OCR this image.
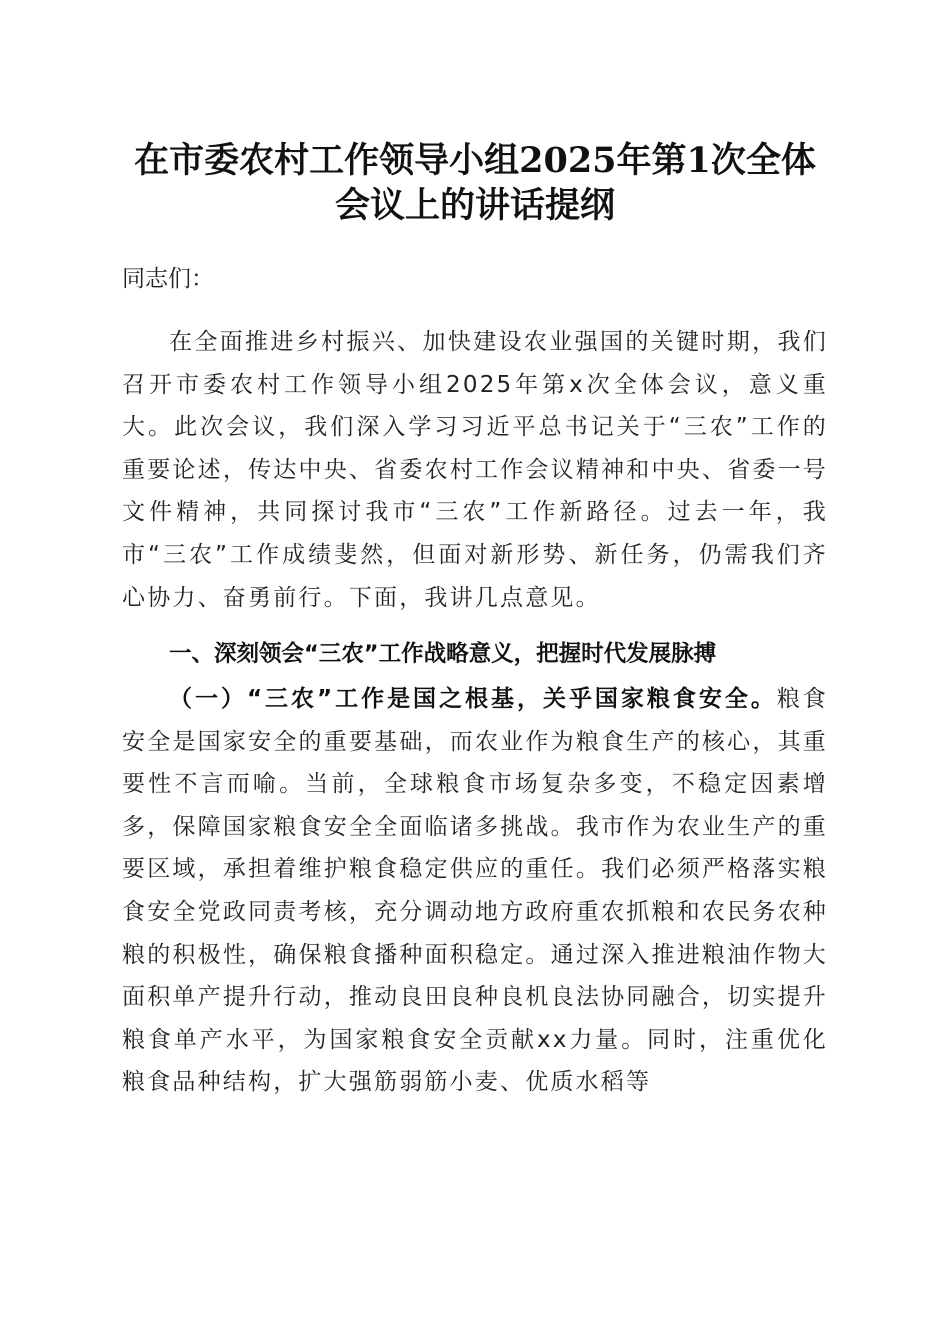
在市委农村工作领导小组2025年第1次全体
会议上的讲话提纲

同志们：

在全面推进乡村振兴、加快建设农业强国的关键时期，我们召开市委农村工作领导小组2025年第x次全体会议，意义重大。此次会议，我们深入学习习近平总书记关于“三农”工作的重要论述，传达中央、省委农村工作会议精神和中央、省委一号文件精神，共同探讨我市“三农”工作新路径。过去一年，我市“三农”工作成绩斐然，但面对新形势、新任务，仍需我们齐心协力、奋勇前行。下面，我讲几点意见。

一、深刻领会“三农”工作战略意义，把握时代发展脉搏

（一）“三农”工作是国之根基，关乎国家粮食安全。粮食安全是国家安全的重要基础，而农业作为粮食生产的核心，其重要性不言而喻。当前，全球粮食市场复杂多变，不稳定因素增多，保障国家粮食安全全面临诸多挑战。我市作为农业生产的重要区域，承担着维护粮食稳定供应的重任。我们必须严格落实粮食安全党政同责考核，充分调动地方政府重农抓粮和农民务农种粮的积极性，确保粮食播种面积稳定。通过深入推进粮油作物大面积单产提升行动，推动良田良种良机良法协同融合，切实提升粮食单产水平，为国家粮食安全贡献xx力量。同时，注重优化粮食品种结构，扩大强筋弱筋小麦、优质水稻等
